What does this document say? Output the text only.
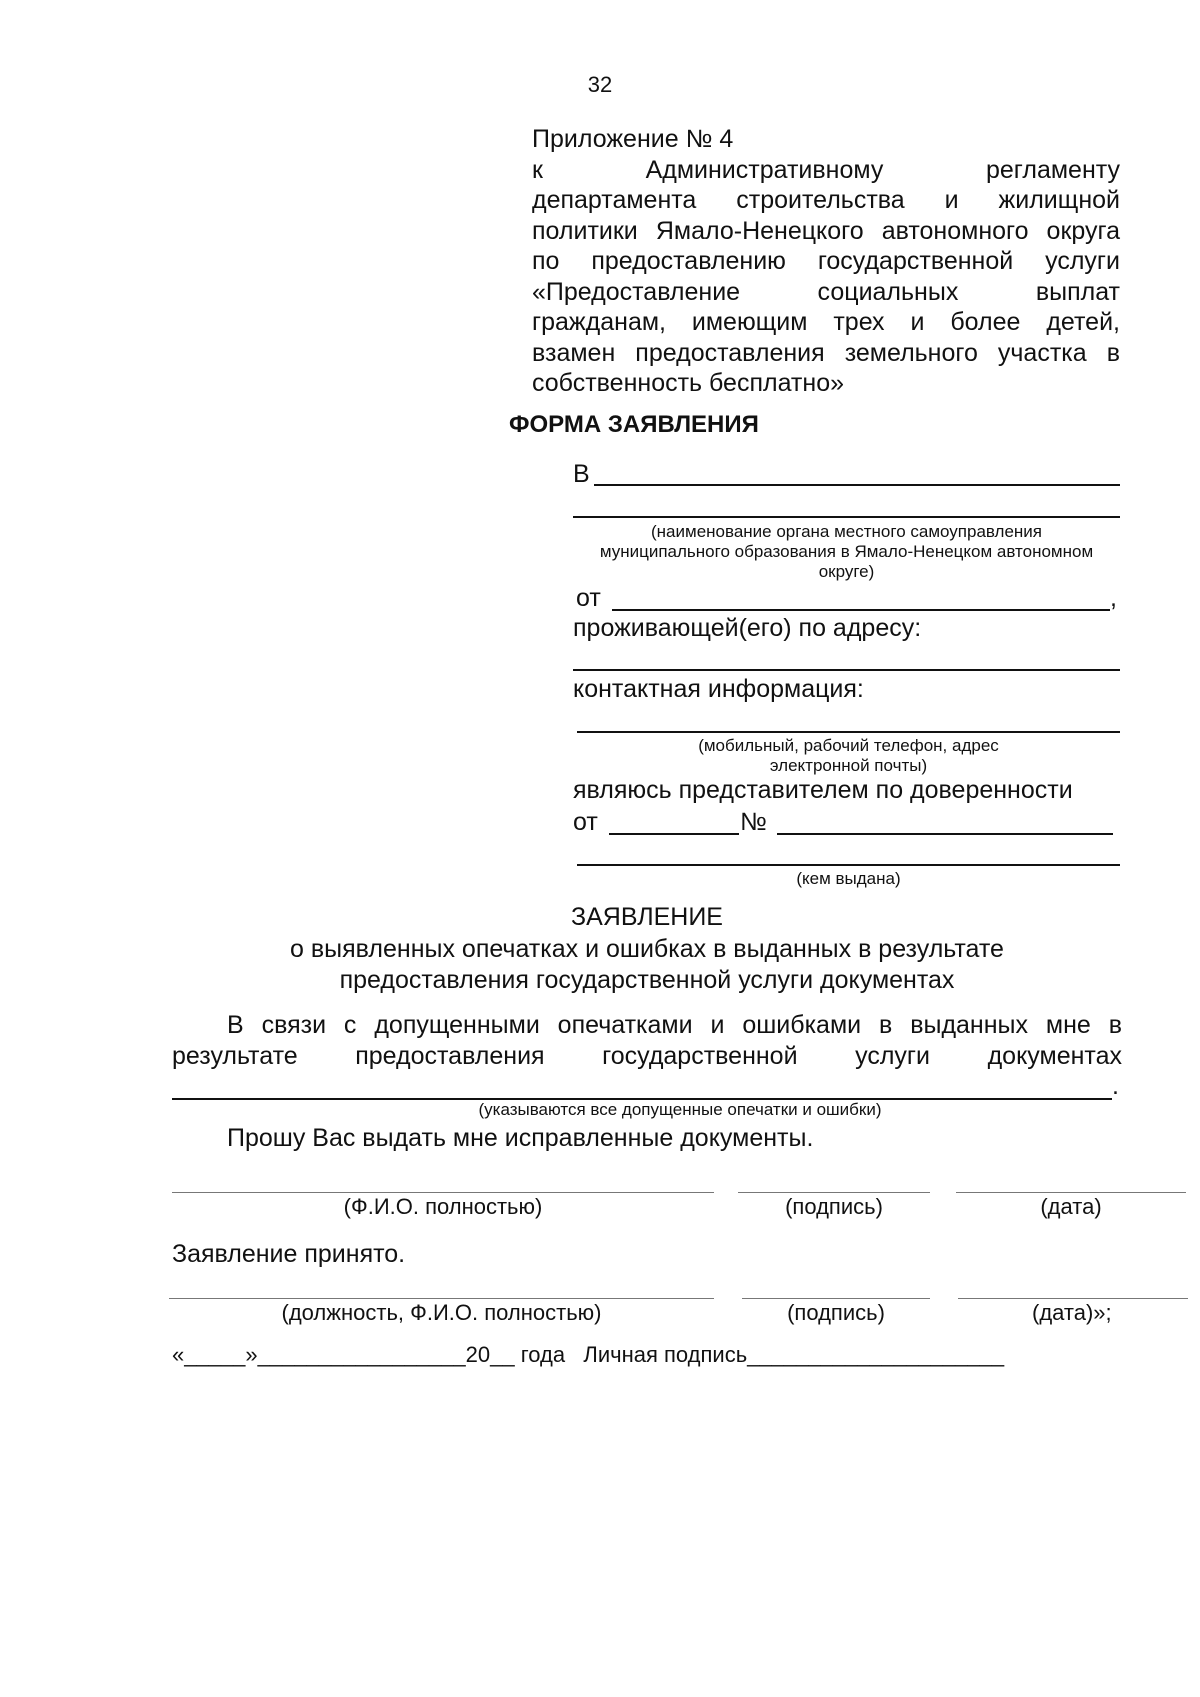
32
Приложение № 4
к Административному регламенту
департамента строительства и жилищной
политики Ямало-Ненецкого автономного округа
по предоставлению государственной услуги
«Предоставление социальных выплат
гражданам, имеющим трех и более детей,
взамен предоставления земельного участка в
собственность бесплатно»
ФОРМА ЗАЯВЛЕНИЯ
В
(наименование органа местного самоуправления
муниципального образования в Ямало-Ненецком автономном
округе)
от	,
проживающей(его) по адресу:
контактная информация:
(мобильный, рабочий телефон, адрес
электронной почты)
являюсь представителем по доверенности
от	№
(кем выдана)
ЗАЯВЛЕНИЕ
о выявленных опечатках и ошибках в выданных в результате
предоставления государственной услуги документах
В связи с допущенными опечатками и ошибками в выданных мне в
результате предоставления государственной услуги документах
.
(указываются все допущенные опечатки и ошибки)
Прошу Вас выдать мне исправленные документы.
(Ф.И.О. полностью)	(подпись)	(дата)
Заявление принято.
(должность, Ф.И.О. полностью)	(подпись)	(дата)»;
«_____»_________________20__ года   Личная подпись_____________________
